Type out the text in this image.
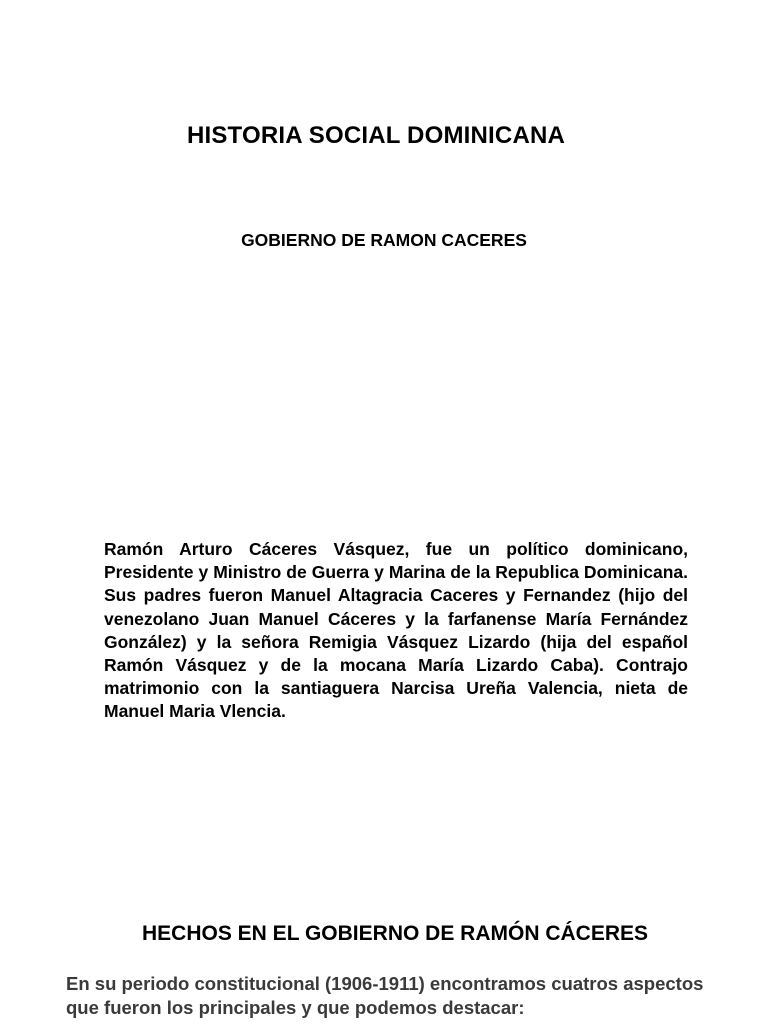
HISTORIA SOCIAL DOMINICANA
GOBIERNO DE RAMON CACERES

Ramón Arturo Cáceres Vásquez, fue un político dominicano, Presidente y Ministro de Guerra y Marina de la Republica Dominicana. Sus padres fueron Manuel Altagracia Caceres y Fernandez (hijo del venezolano Juan Manuel Cáceres y la farfanense María Fernández González) y la señora Remigia Vásquez Lizardo (hija del español Ramón Vásquez y de la mocana María Lizardo Caba). Contrajo matrimonio con la santiaguera Narcisa Ureña Valencia, nieta de Manuel Maria Vlencia.

HECHOS EN EL GOBIERNO DE RAMÓN CÁCERES

En su periodo constitucional (1906-1911) encontramos cuatros aspectos que fueron los principales y que podemos destacar:
